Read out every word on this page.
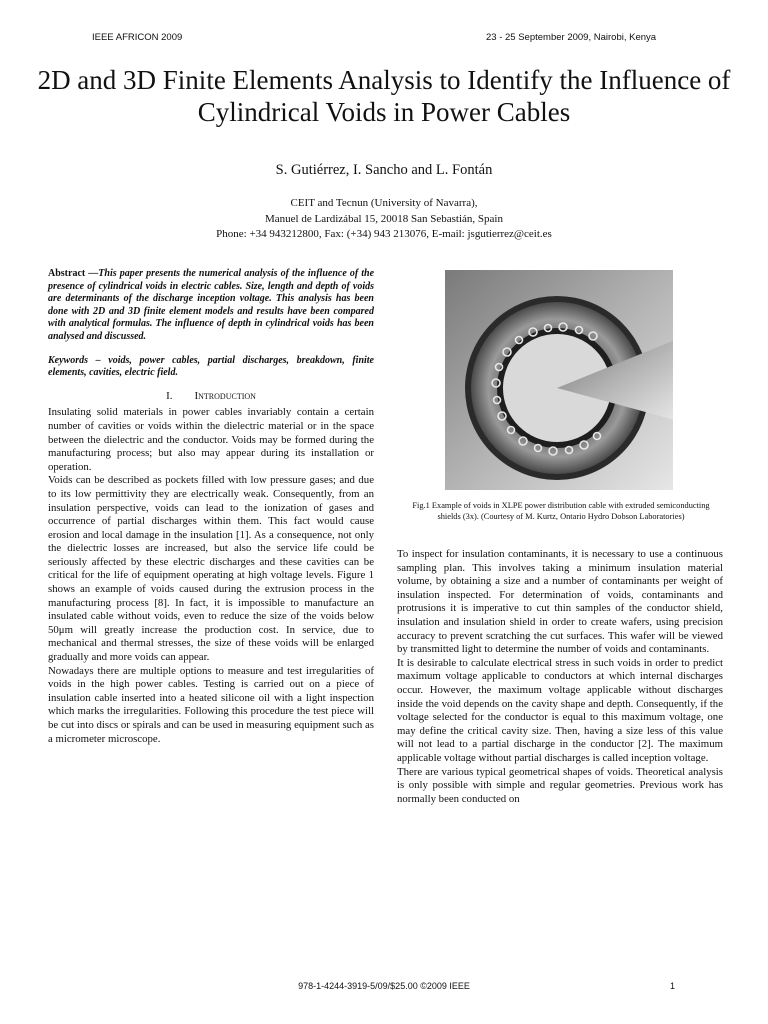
IEEE AFRICON 2009	23 - 25 September 2009, Nairobi, Kenya
2D and 3D Finite Elements Analysis to Identify the Influence of Cylindrical Voids in Power Cables
S. Gutiérrez, I. Sancho and L. Fontán
CEIT and Tecnun (University of Navarra),
Manuel de Lardizábal 15, 20018 San Sebastián, Spain
Phone: +34 943212800, Fax: (+34) 943 213076, E-mail: jsgutierrez@ceit.es

Abstract —This paper presents the numerical analysis of the influence of the presence of cylindrical voids in electric cables. Size, length and depth of voids are determinants of the discharge inception voltage. This analysis has been done with 2D and 3D finite element models and results have been compared with analytical formulas. The influence of depth in cylindrical voids has been analysed and discussed.

Keywords – voids, power cables, partial discharges, breakdown, finite elements, cavities, electric field.

I. Introduction

Insulating solid materials in power cables invariably contain a certain number of cavities or voids within the dielectric material or in the space between the dielectric and the conductor. Voids may be formed during the manufacturing process; but also may appear during its installation or operation.

Voids can be described as pockets filled with low pressure gases; and due to its low permittivity they are electrically weak. Consequently, from an insulation perspective, voids can lead to the ionization of gases and occurrence of partial discharges within them. This fact would cause erosion and local damage in the insulation [1]. As a consequence, not only the dielectric losses are increased, but also the service life could be seriously affected by these electric discharges and these cavities can be critical for the life of equipment operating at high voltage levels. Figure 1 shows an example of voids caused during the extrusion process in the manufacturing process [8]. In fact, it is impossible to manufacture an insulated cable without voids, even to reduce the size of the voids below 50μm will greatly increase the production cost. In service, due to mechanical and thermal stresses, the size of these voids will be enlarged gradually and more voids can appear.

Nowadays there are multiple options to measure and test irregularities of voids in the high power cables. Testing is carried out on a piece of insulation cable inserted into a heated silicone oil with a light inspection which marks the irregularities. Following this procedure the test piece will be cut into discs or spirals and can be used in measuring equipment such as a micrometer microscope.

Fig.1 Example of voids in XLPE power distribution cable with extruded semiconducting shields (3x). (Courtesy of M. Kurtz, Ontario Hydro Dobson Laboratories)

To inspect for insulation contaminants, it is necessary to use a continuous sampling plan. This involves taking a minimum insulation material volume, by obtaining a size and a number of contaminants per weight of insulation inspected. For determination of voids, contaminants and protrusions it is imperative to cut thin samples of the conductor shield, insulation and insulation shield in order to create wafers, using precision accuracy to prevent scratching the cut surfaces. This wafer will be viewed by transmitted light to determine the number of voids and contaminants.

It is desirable to calculate electrical stress in such voids in order to predict maximum voltage applicable to conductors at which internal discharges occur. However, the maximum voltage applicable without discharges inside the void depends on the cavity shape and depth. Consequently, if the voltage selected for the conductor is equal to this maximum voltage, one may define the critical cavity size. Then, having a size less of this value will not lead to a partial discharge in the conductor [2]. The maximum applicable voltage without partial discharges is called inception voltage.

There are various typical geometrical shapes of voids. Theoretical analysis is only possible with simple and regular geometries. Previous work has normally been conducted on

978-1-4244-3919-5/09/$25.00 ©2009 IEEE	1
